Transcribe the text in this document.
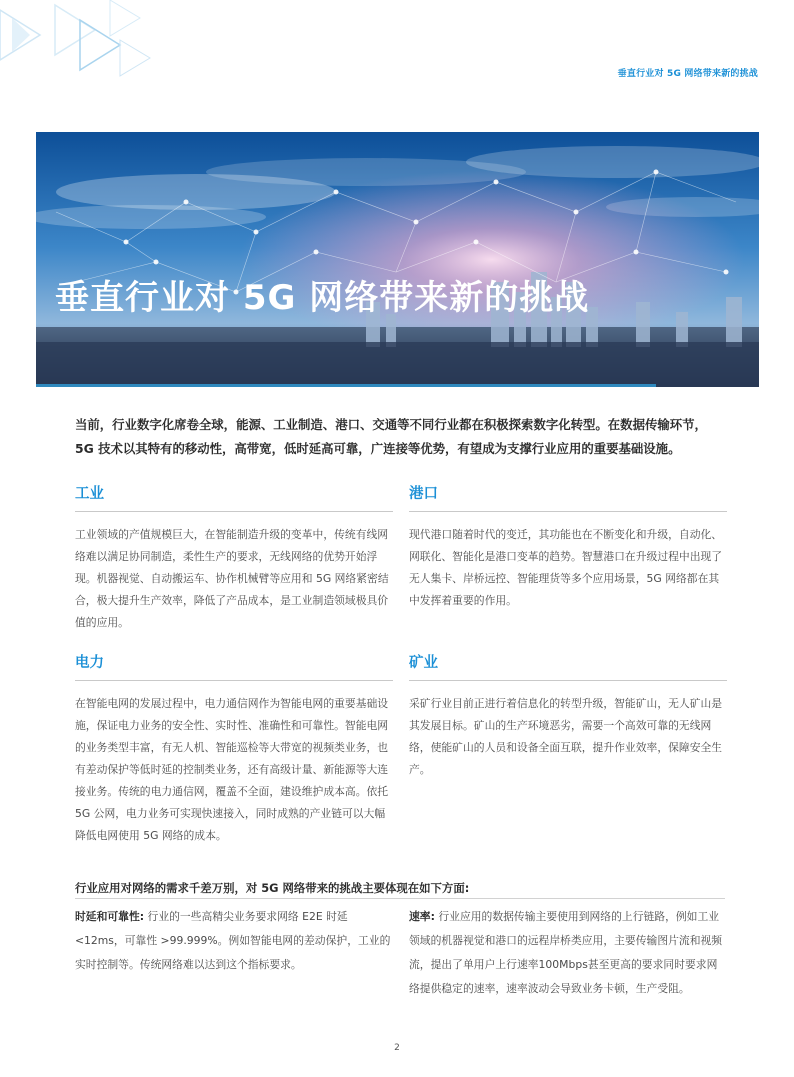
垂直行业对 5G 网络带来新的挑战
垂直行业对 5G 网络带来新的挑战

当前，行业数字化席卷全球，能源、工业制造、港口、交通等不同行业都在积极探索数字化转型。在数据传输环节，5G 技术以其特有的移动性，高带宽，低时延高可靠，广连接等优势，有望成为支撑行业应用的重要基础设施。

工业

工业领域的产值规模巨大，在智能制造升级的变革中，传统有线网络难以满足协同制造，柔性生产的要求，无线网络的优势开始浮现。机器视觉、自动搬运车、协作机械臂等应用和 5G 网络紧密结合，极大提升生产效率，降低了产品成本，是工业制造领域极具价值的应用。

港口

现代港口随着时代的变迁，其功能也在不断变化和升级，自动化、网联化、智能化是港口变革的趋势。智慧港口在升级过程中出现了无人集卡、岸桥远控、智能理货等多个应用场景，5G 网络都在其中发挥着重要的作用。

电力

在智能电网的发展过程中，电力通信网作为智能电网的重要基础设施，保证电力业务的安全性、实时性、准确性和可靠性。智能电网的业务类型丰富，有无人机、智能巡检等大带宽的视频类业务，也有差动保护等低时延的控制类业务，还有高级计量、新能源等大连接业务。传统的电力通信网，覆盖不全面，建设维护成本高。依托 5G 公网，电力业务可实现快速接入，同时成熟的产业链可以大幅降低电网使用 5G 网络的成本。

矿业

采矿行业目前正进行着信息化的转型升级，智能矿山，无人矿山是其发展目标。矿山的生产环境恶劣，需要一个高效可靠的无线网络，使能矿山的人员和设备全面互联，提升作业效率，保障安全生产。

行业应用对网络的需求千差万别，对 5G 网络带来的挑战主要体现在如下方面:

时延和可靠性: 行业的一些高精尖业务要求网络 E2E 时延 <12ms，可靠性 >99.999%。例如智能电网的差动保护，工业的实时控制等。传统网络难以达到这个指标要求。

速率: 行业应用的数据传输主要使用到网络的上行链路，例如工业领域的机器视觉和港口的远程岸桥类应用，主要传输图片流和视频流，提出了单用户上行速率100Mbps甚至更高的要求同时要求网络提供稳定的速率，速率波动会导致业务卡顿，生产受阻。

2
